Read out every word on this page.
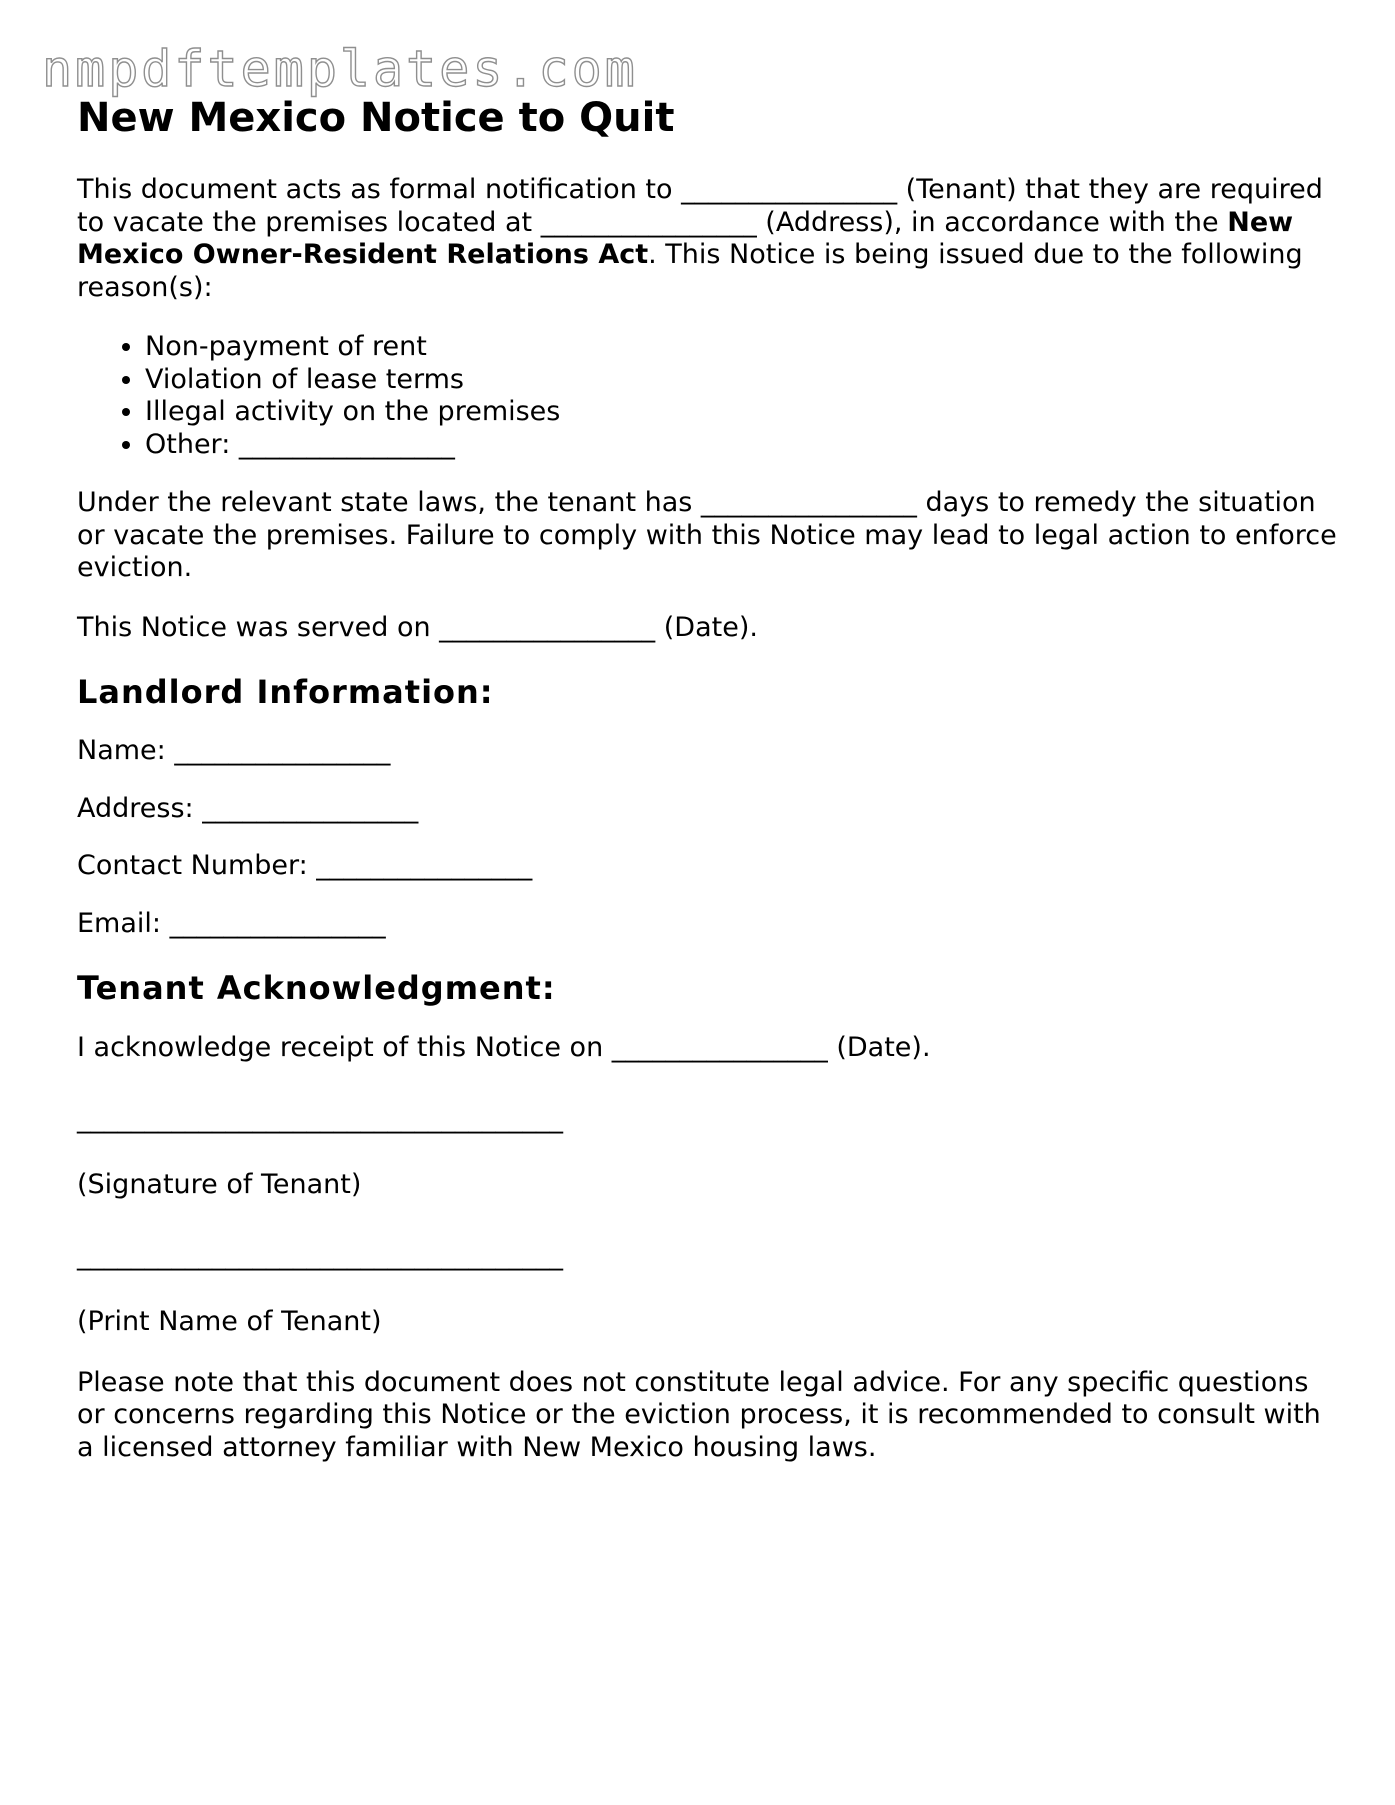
nmpdftemplates.com
New Mexico Notice to Quit

This document acts as formal notification to ________________ (Tenant) that they are required to vacate the premises located at ________________ (Address), in accordance with the New Mexico Owner-Resident Relations Act. This Notice is being issued due to the following reason(s):

• Non-payment of rent
• Violation of lease terms
• Illegal activity on the premises
• Other: ________________

Under the relevant state laws, the tenant has ________________ days to remedy the situation or vacate the premises. Failure to comply with this Notice may lead to legal action to enforce eviction.

This Notice was served on ________________ (Date).

Landlord Information:

Name: ________________

Address: ________________

Contact Number: ________________

Email: ________________

Tenant Acknowledgment:

I acknowledge receipt of this Notice on ________________ (Date).

____________________________________

(Signature of Tenant)

____________________________________

(Print Name of Tenant)

Please note that this document does not constitute legal advice. For any specific questions or concerns regarding this Notice or the eviction process, it is recommended to consult with a licensed attorney familiar with New Mexico housing laws.
